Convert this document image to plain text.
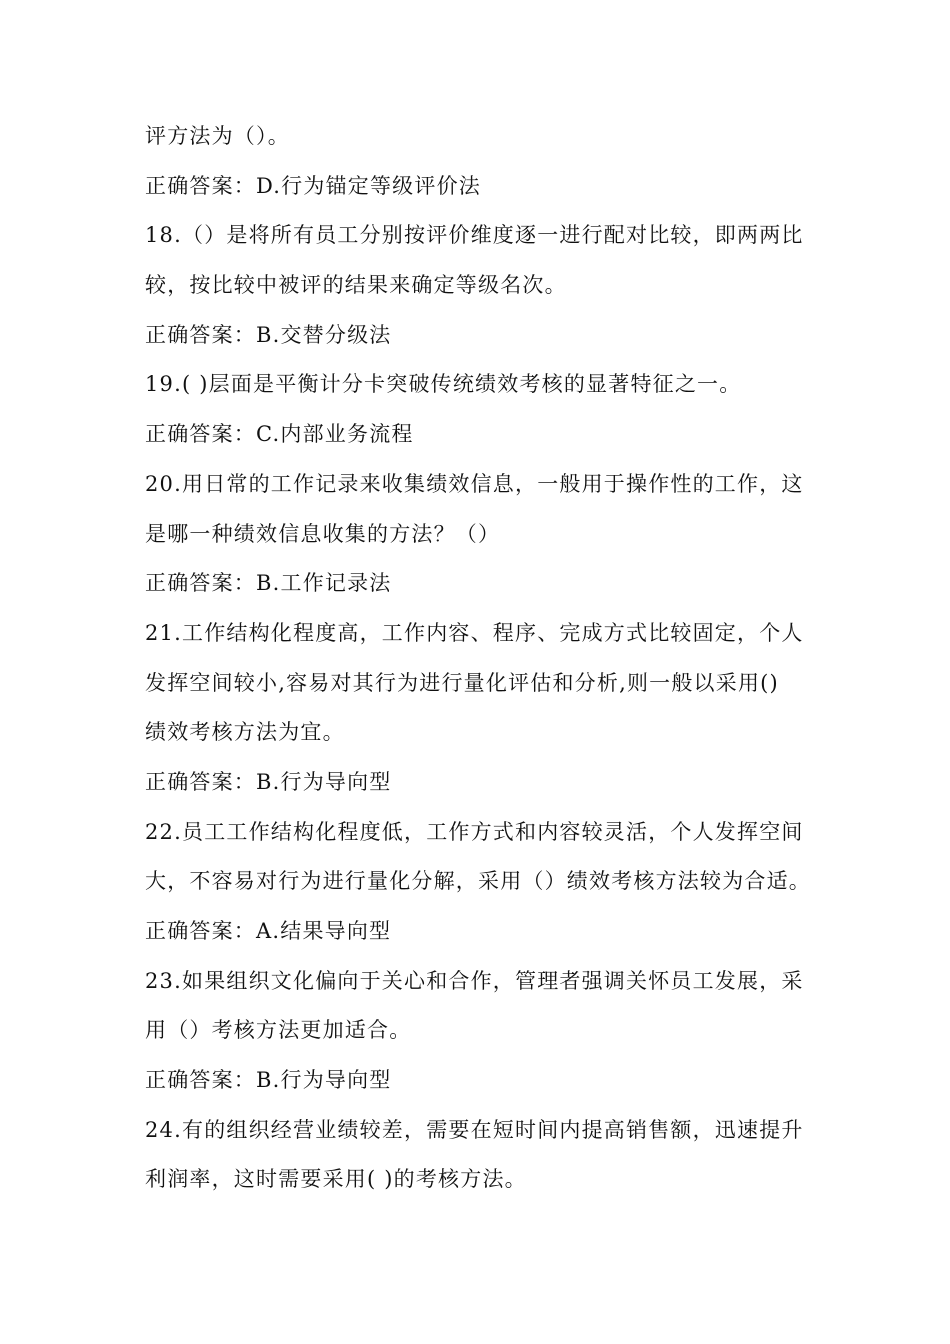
评方法为（）。
正确答案：D.行为锚定等级评价法
18.（）是将所有员工分别按评价维度逐一进行配对比较，即两两比
较，按比较中被评的结果来确定等级名次。
正确答案：B.交替分级法
19.( )层面是平衡计分卡突破传统绩效考核的显著特征之一。
正确答案：C.内部业务流程
20.用日常的工作记录来收集绩效信息，一般用于操作性的工作，这
是哪一种绩效信息收集的方法？（）
正确答案：B.工作记录法
21.工作结构化程度高，工作内容、程序、完成方式比较固定，个人
发挥空间较小,容易对其行为进行量化评估和分析,则一般以采用()
绩效考核方法为宜。
正确答案：B.行为导向型
22.员工工作结构化程度低，工作方式和内容较灵活，个人发挥空间
大，不容易对行为进行量化分解，采用（）绩效考核方法较为合适。
正确答案：A.结果导向型
23.如果组织文化偏向于关心和合作，管理者强调关怀员工发展，采
用（）考核方法更加适合。
正确答案：B.行为导向型
24.有的组织经营业绩较差，需要在短时间内提高销售额，迅速提升
利润率，这时需要采用( )的考核方法。
